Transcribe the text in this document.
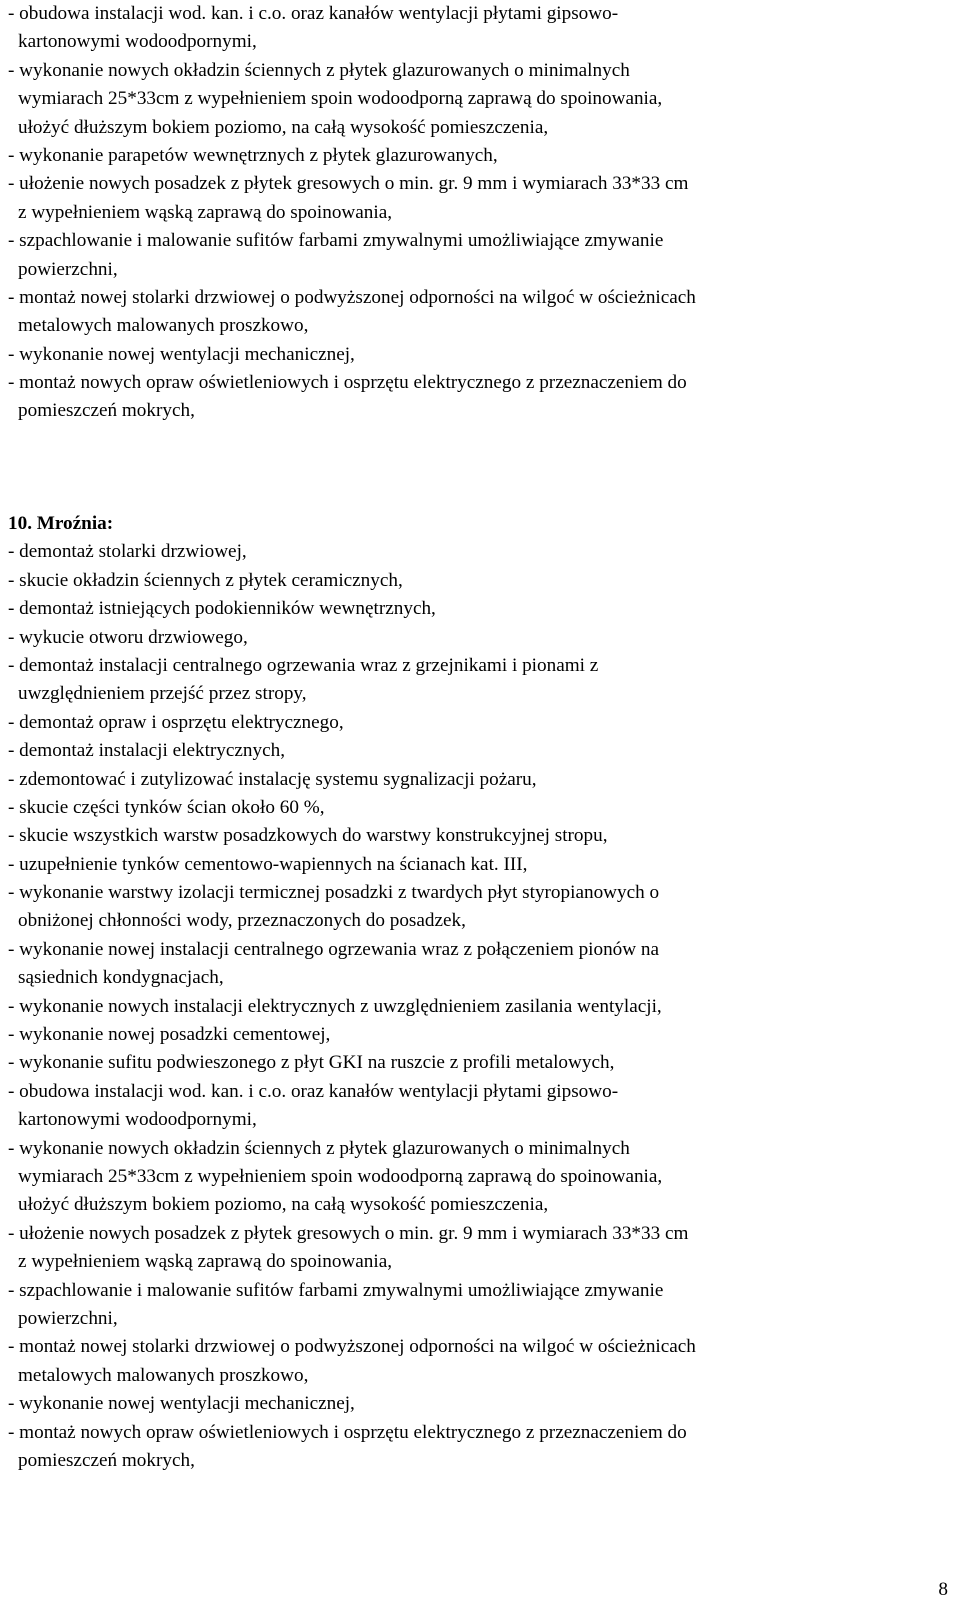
- obudowa instalacji wod. kan. i c.o. oraz kanałów wentylacji płytami gipsowo-
kartonowymi wodoodpornymi,
- wykonanie nowych okładzin ściennych z płytek glazurowanych o minimalnych
wymiarach 25*33cm z wypełnieniem spoin wodoodporną zaprawą do spoinowania,
ułożyć dłuższym bokiem poziomo, na całą wysokość pomieszczenia,
- wykonanie parapetów wewnętrznych z płytek glazurowanych,
- ułożenie nowych posadzek z płytek gresowych o min. gr. 9 mm i wymiarach 33*33 cm
z wypełnieniem wąską zaprawą do spoinowania,
- szpachlowanie i malowanie sufitów farbami zmywalnymi umożliwiające zmywanie
powierzchni,
- montaż nowej stolarki drzwiowej o podwyższonej odporności na wilgoć w ościeżnicach
metalowych malowanych proszkowo,
- wykonanie nowej wentylacji mechanicznej,
- montaż nowych opraw oświetleniowych i osprzętu elektrycznego z przeznaczeniem do
pomieszczeń mokrych,
10. Mroźnia:
- demontaż stolarki drzwiowej,
- skucie okładzin ściennych z płytek ceramicznych,
- demontaż istniejących podokienników wewnętrznych,
- wykucie otworu drzwiowego,
- demontaż instalacji centralnego ogrzewania wraz z grzejnikami i pionami z
uwzględnieniem przejść przez stropy,
- demontaż opraw i osprzętu elektrycznego,
- demontaż instalacji elektrycznych,
- zdemontować i zutylizować instalację systemu sygnalizacji pożaru,
- skucie części tynków ścian około 60 %,
- skucie wszystkich warstw posadzkowych do warstwy konstrukcyjnej stropu,
- uzupełnienie tynków cementowo-wapiennych na ścianach kat. III,
- wykonanie warstwy izolacji termicznej posadzki z twardych płyt styropianowych o
obniżonej chłonności wody, przeznaczonych do posadzek,
- wykonanie nowej instalacji centralnego ogrzewania wraz z połączeniem pionów na
sąsiednich kondygnacjach,
- wykonanie nowych instalacji elektrycznych z uwzględnieniem zasilania wentylacji,
- wykonanie nowej posadzki cementowej,
- wykonanie sufitu podwieszonego z płyt GKI na ruszcie z profili metalowych,
- obudowa instalacji wod. kan. i c.o. oraz kanałów wentylacji płytami gipsowo-
kartonowymi wodoodpornymi,
- wykonanie nowych okładzin ściennych z płytek glazurowanych o minimalnych
wymiarach 25*33cm z wypełnieniem spoin wodoodporną zaprawą do spoinowania,
ułożyć dłuższym bokiem poziomo, na całą wysokość pomieszczenia,
- ułożenie nowych posadzek z płytek gresowych o min. gr. 9 mm i wymiarach 33*33 cm
z wypełnieniem wąską zaprawą do spoinowania,
- szpachlowanie i malowanie sufitów farbami zmywalnymi umożliwiające zmywanie
powierzchni,
- montaż nowej stolarki drzwiowej o podwyższonej odporności na wilgoć w ościeżnicach
metalowych malowanych proszkowo,
- wykonanie nowej wentylacji mechanicznej,
- montaż nowych opraw oświetleniowych i osprzętu elektrycznego z przeznaczeniem do
pomieszczeń mokrych,
8
